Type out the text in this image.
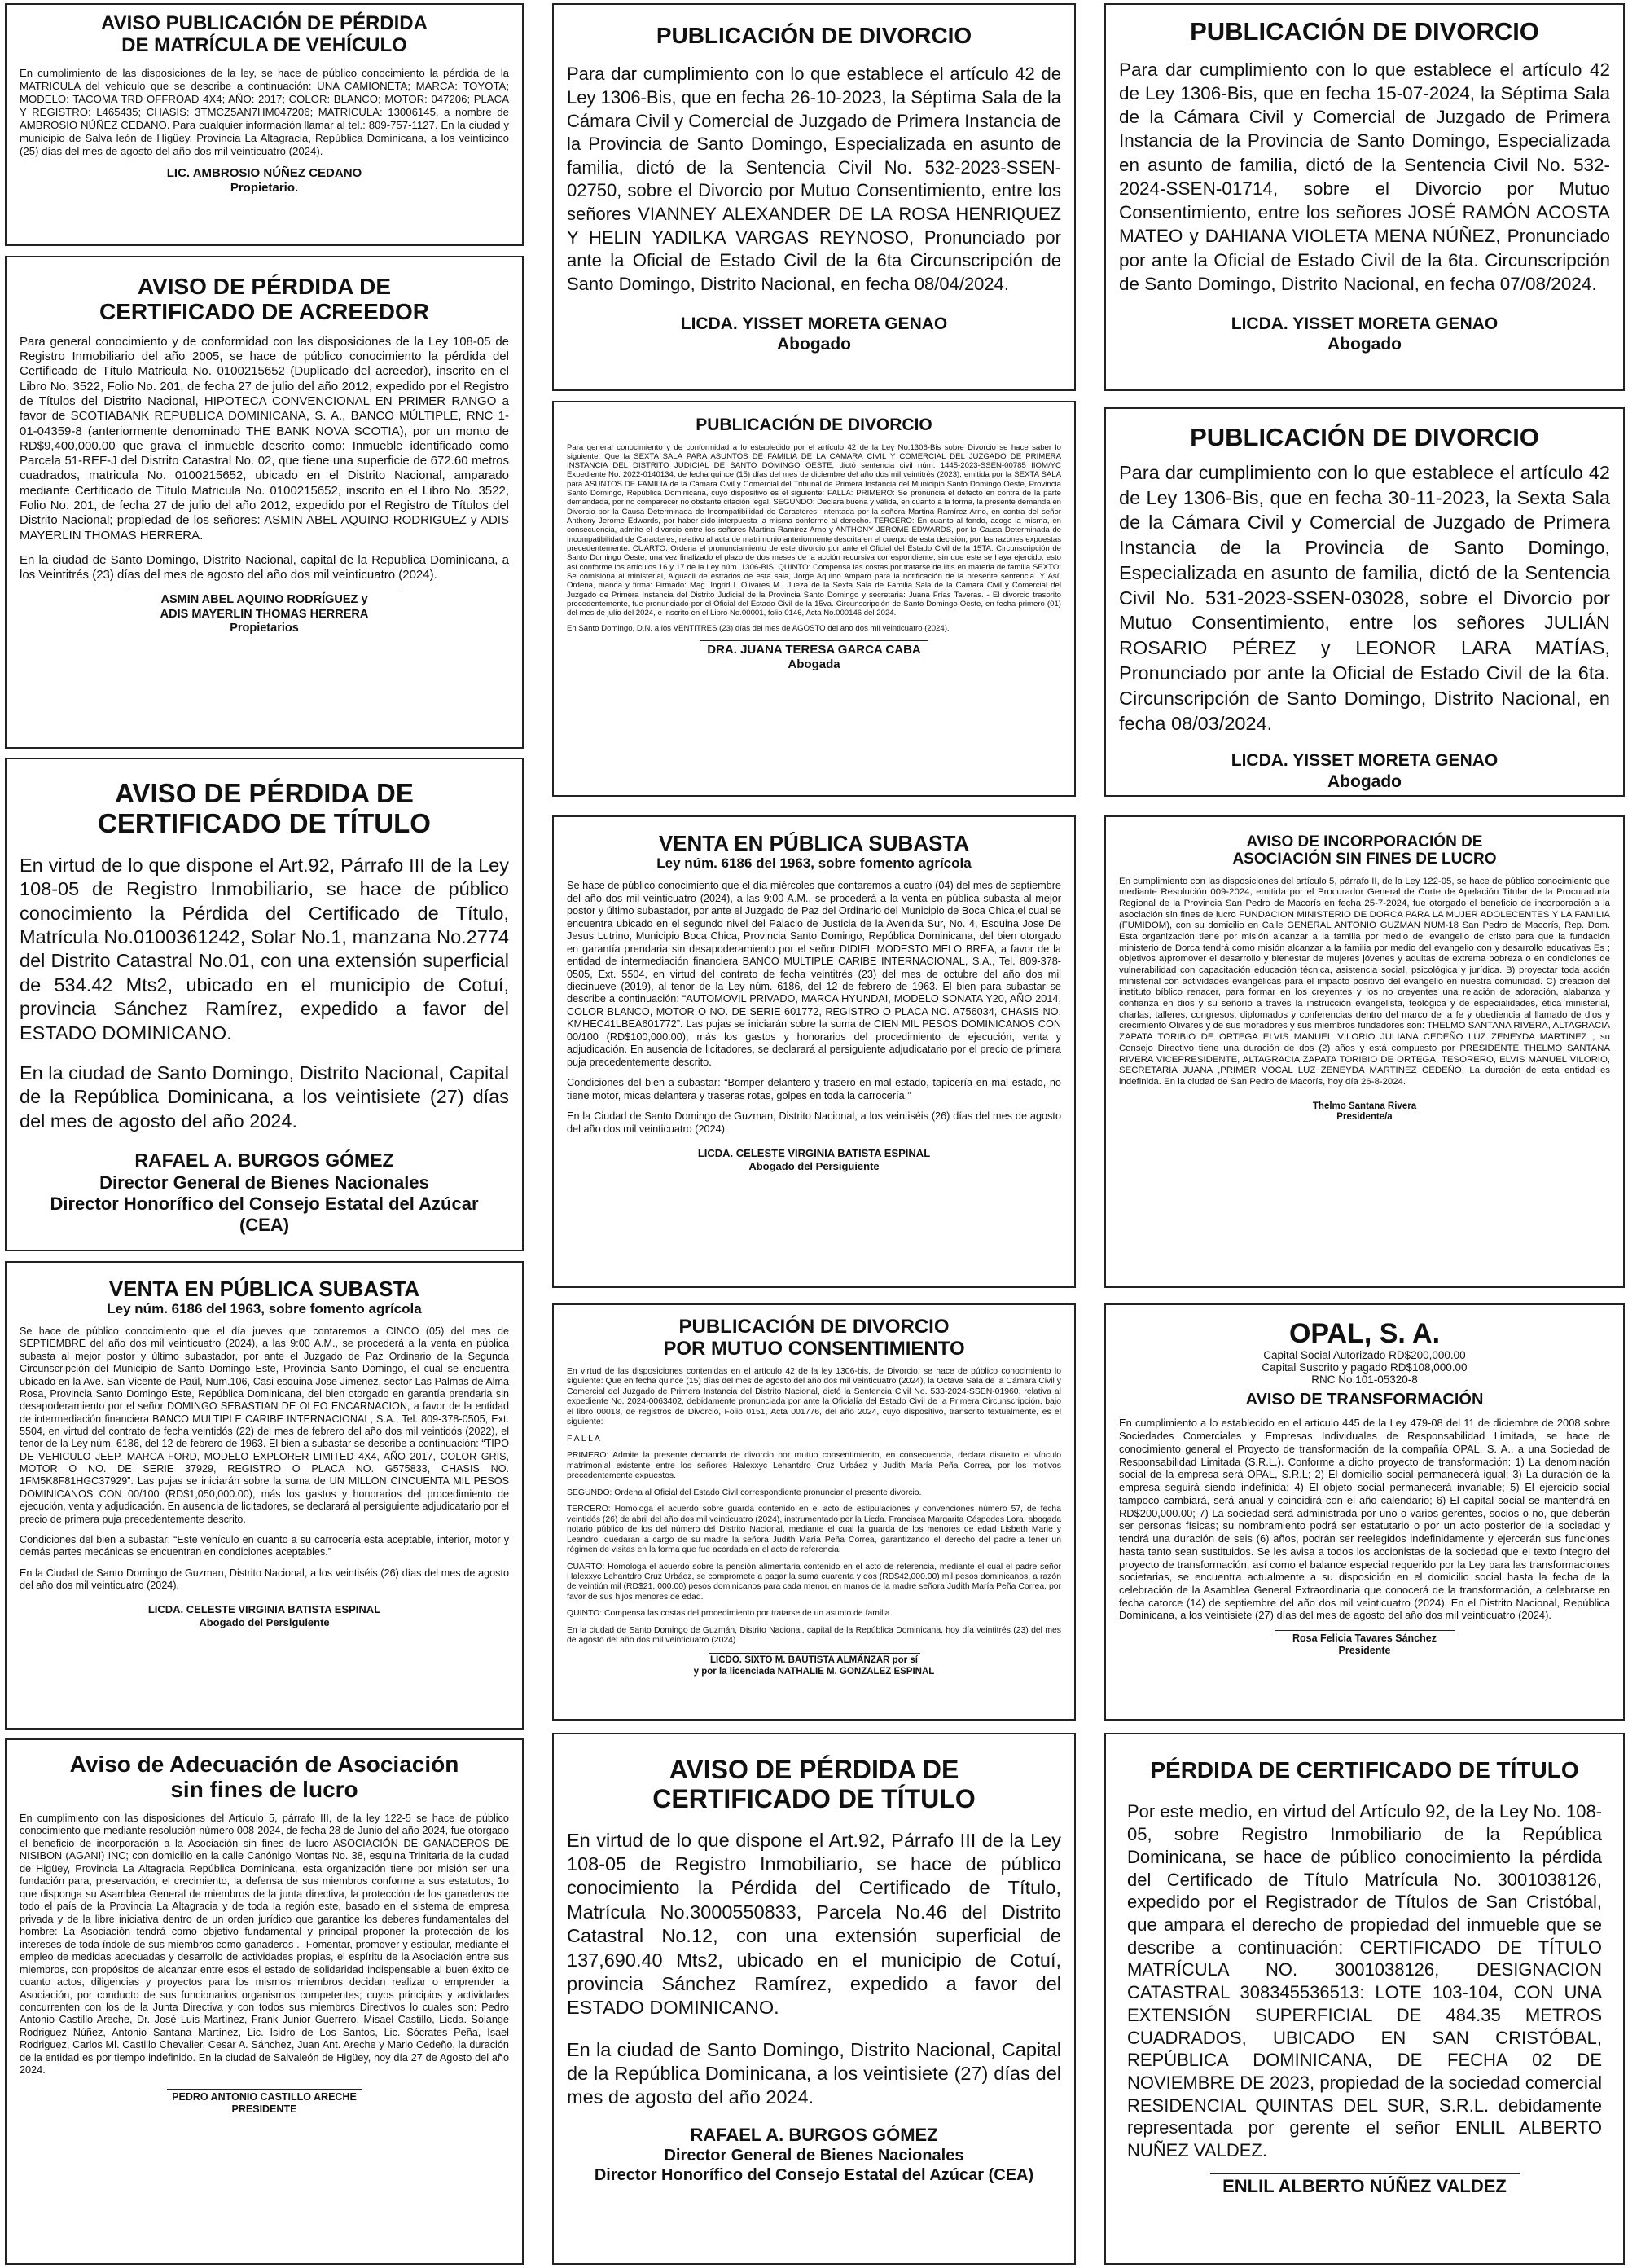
AVISO PUBLICACIÓN DE PÉRDIDA
DE MATRÍCULA DE VEHÍCULO

En cumplimiento de las disposiciones de la ley, se hace de público conocimiento la pérdida de la MATRICULA del vehículo que se describe a continuación: UNA CAMIONETA; MARCA: TOYOTA; MODELO: TACOMA TRD OFFROAD 4X4; AÑO: 2017; COLOR: BLANCO; MOTOR: 047206; PLACA Y REGISTRO: L465435; CHASIS: 3TMCZ5AN7HM047206; MATRICULA: 13006145, a nombre de AMBROSIO NÚÑEZ CEDANO. Para cualquier información llamar al tel.: 809-757-1127. En la ciudad y municipio de Salva león de Higüey, Provincia La Altagracia, República Dominicana, a los veinticinco (25) días del mes de agosto del año dos mil veinticuatro (2024).

LIC. AMBROSIO NÚÑEZ CEDANO
Propietario.
AVISO DE PÉRDIDA DE
CERTIFICADO DE ACREEDOR

Para general conocimiento y de conformidad con las disposiciones de la Ley 108-05 de Registro Inmobiliario del año 2005, se hace de público conocimiento la pérdida del Certificado de Título Matricula No. 0100215652 (Duplicado del acreedor), inscrito en el Libro No. 3522, Folio No. 201, de fecha 27 de julio del año 2012, expedido por el Registro de Títulos del Distrito Nacional, HIPOTECA CONVENCIONAL EN PRIMER RANGO a favor de SCOTIABANK REPUBLICA DOMINICANA, S. A., BANCO MÚLTIPLE, RNC 1-01-04359-8 (anteriormente denominado THE BANK NOVA SCOTIA), por un monto de RD$9,400,000.00 que grava el inmueble descrito como: Inmueble identificado como Parcela 51-REF-J del Distrito Catastral No. 02, que tiene una superficie de 672.60 metros cuadrados, matricula No. 0100215652, ubicado en el Distrito Nacional, amparado mediante Certificado de Título Matricula No. 0100215652, inscrito en el Libro No. 3522, Folio No. 201, de fecha 27 de julio del año 2012, expedido por el Registro de Títulos del Distrito Nacional; propiedad de los señores: ASMIN ABEL AQUINO RODRIGUEZ y ADIS MAYERLIN THOMAS HERRERA.

En la ciudad de Santo Domingo, Distrito Nacional, capital de la Republica Dominicana, a los Veintitrés (23) días del mes de agosto del año dos mil veinticuatro (2024).

ASMIN ABEL AQUINO RODRÍGUEZ y
ADIS MAYERLIN THOMAS HERRERA
Propietarios
AVISO DE PÉRDIDA DE
CERTIFICADO DE TÍTULO

En virtud de lo que dispone el Art.92, Párrafo III de la Ley 108-05 de Registro Inmobiliario, se hace de público conocimiento la Pérdida del Certificado de Título, Matrícula No.0100361242, Solar No.1, manzana No.2774 del Distrito Catastral No.01, con una extensión superficial de 534.42 Mts2, ubicado en el municipio de Cotuí, provincia Sánchez Ramírez, expedido a favor del ESTADO DOMINICANO.

En la ciudad de Santo Domingo, Distrito Nacional, Capital de la República Dominicana, a los veintisiete (27) días del mes de agosto del año 2024.

RAFAEL A. BURGOS GÓMEZ
Director General de Bienes Nacionales
Director Honorífico del Consejo Estatal del Azúcar
(CEA)
VENTA EN PÚBLICA SUBASTA
Ley núm. 6186 del 1963, sobre fomento agrícola

Se hace de público conocimiento que el día jueves que contaremos a CINCO (05) del mes de SEPTIEMBRE del año dos mil veinticuatro (2024), a las 9:00 A.M., se procederá a la venta en pública subasta al mejor postor y último subastador, por ante el Juzgado de Paz Ordinario de la Segunda Circunscripción del Municipio de Santo Domingo Este, Provincia Santo Domingo, el cual se encuentra ubicado en la Ave. San Vicente de Paúl, Num.106, Casi esquina Jose Jimenez, sector Las Palmas de Alma Rosa, Provincia Santo Domingo Este, República Dominicana, del bien otorgado en garantía prendaria sin desapoderamiento por el señor DOMINGO SEBASTIAN DE OLEO ENCARNACION, a favor de la entidad de intermediación financiera BANCO MULTIPLE CARIBE INTERNACIONAL, S.A., Tel. 809-378-0505, Ext. 5504, en virtud del contrato de fecha veintidós (22) del mes de febrero del año dos mil veintidós (2022), el tenor de la Ley núm. 6186, del 12 de febrero de 1963. El bien a subastar se describe a continuación: “TIPO DE VEHICULO JEEP, MARCA FORD, MODELO EXPLORER LIMITED 4X4, AÑO 2017, COLOR GRIS, MOTOR O NO. DE SERIE 37929, REGISTRO O PLACA NO. G575833, CHASIS NO. 1FM5K8F81HGC37929”. Las pujas se iniciarán sobre la suma de UN MILLON CINCUENTA MIL PESOS DOMINICANOS CON 00/100 (RD$1,050,000.00), más los gastos y honorarios del procedimiento de ejecución, venta y adjudicación. En ausencia de licitadores, se declarará al persiguiente adjudicatario por el precio de primera puja precedentemente descrito.

Condiciones del bien a subastar: “Este vehículo en cuanto a su carrocería esta aceptable, interior, motor y demás partes mecánicas se encuentran en condiciones aceptables.”

En la Ciudad de Santo Domingo de Guzman, Distrito Nacional, a los veintiséis (26) días del mes de agosto del año dos mil veinticuatro (2024).

LICDA. CELESTE VIRGINIA BATISTA ESPINAL
Abogado del Persiguiente
Aviso de Adecuación de Asociación
sin fines de lucro

En cumplimiento con las disposiciones del Artículo 5, párrafo III, de la ley 122-5 se hace de público conocimiento que mediante resolución número 008-2024, de fecha 28 de Junio del año 2024, fue otorgado el beneficio de incorporación a la Asociación sin fines de lucro ASOCIACIÓN DE GANADEROS DE NISIBON (AGANI) INC; con domicilio en la calle Canónigo Montas No. 38, esquina Trinitaria de la ciudad de Higüey, Provincia La Altagracia República Dominicana, esta organización tiene por misión ser una fundación para, preservación, el crecimiento, la defensa de sus miembros conforme a sus estatutos, 1o que disponga su Asamblea General de miembros de la junta directiva, la protección de los ganaderos de todo el país de la Provincia La Altagracia y de toda la región este, basado en el sistema de empresa privada y de la libre iniciativa dentro de un orden jurídico que garantice los deberes fundamentales del hombre: La Asociación tendrá como objetivo fundamental y principal proponer la protección de los intereses de toda índole de sus miembros como ganaderos .- Fomentar, promover y estipular, mediante el empleo de medidas adecuadas y desarrollo de actividades propias, el espíritu de la Asociación entre sus miembros, con propósitos de alcanzar entre esos el estado de solidaridad indispensable al buen éxito de cuanto actos, diligencias y proyectos para los mismos miembros decidan realizar o emprender la Asociación, por conducto de sus funcionarios organismos competentes; cuyos principios y actividades concurrenten con los de la Junta Directiva y con todos sus miembros Directivos lo cuales son: Pedro Antonio Castillo Areche, Dr. José Luis Martínez, Frank Junior Guerrero, Misael Castillo, Licda. Solange Rodriguez Núñez, Antonio Santana Martínez, Lic. Isidro de Los Santos, Lic. Sócrates Peña, Isael Rodriguez, Carlos Ml. Castillo Chevalier, Cesar A. Sánchez, Juan Ant. Areche y Mario Cedeño, la duración de la entidad es por tiempo indefinido. En la ciudad de Salvaleón de Higüey, hoy día 27 de Agosto del año 2024.

PEDRO ANTONIO CASTILLO ARECHE
PRESIDENTE
PUBLICACIÓN DE DIVORCIO

Para dar cumplimiento con lo que establece el artículo 42 de Ley 1306-Bis, que en fecha 26-10-2023, la Séptima Sala de la Cámara Civil y Comercial de Juzgado de Primera Instancia de la Provincia de Santo Domingo, Especializada en asunto de familia, dictó de la Sentencia Civil No. 532-2023-SSEN-02750, sobre el Divorcio por Mutuo Consentimiento, entre los señores VIANNEY ALEXANDER DE LA ROSA HENRIQUEZ Y HELIN YADILKA VARGAS REYNOSO, Pronunciado por ante la Oficial de Estado Civil de la 6ta Circunscripción de Santo Domingo, Distrito Nacional, en fecha 08/04/2024.

LICDA. YISSET MORETA GENAO
Abogado
PUBLICACIÓN DE DIVORCIO

Para general conocimiento y de conformidad a lo establecido por el artículo 42 de la Ley No.1306-Bis sobre Divorcio se hace saber lo siguiente: Que la SEXTA SALA PARA ASUNTOS DE FAMILIA DE LA CAMARA CIVIL Y COMERCIAL DEL JUZGADO DE PRIMERA INSTANCIA DEL DISTRITO JUDICIAL DE SANTO DOMINGO OESTE, dictó sentencia civil núm. 1445-2023-SSEN-00785 IIOM/YC Expediente No. 2022-0140134, de fecha quince (15) días del mes de diciembre del año dos mil veintitrés (2023), emitida por la SEXTA SALA para ASUNTOS DE FAMILIA de la Cámara Civil y Comercial del Tribunal de Primera Instancia del Municipio Santo Domingo Oeste, Provincia Santo Domingo, República Dominicana, cuyo dispositivo es el siguiente: FALLA: PRIMERO: Se pronuncia el defecto en contra de la parte demandada, por no comparecer no obstante citación legal. SEGUNDO: Declara buena y válida, en cuanto a la forma, la presente demanda en Divorcio por la Causa Determinada de Incompatibilidad de Caracteres, intentada por la señora Martina Ramírez Arno, en contra del señor Anthony Jerome Edwards, por haber sido interpuesta la misma conforme al derecho. TERCERO: En cuanto al fondo, acoge la misma, en consecuencia, admite el divorcio entre los señores Martina Ramírez Arno y ANTHONY JEROME EDWARDS, por la Causa Determinada de Incompatibilidad de Caracteres, relativo al acta de matrimonio anteriormente descrita en el cuerpo de esta decisión, por las razones expuestas precedentemente. CUARTO: Ordena el pronunciamiento de este divorcio por ante el Oficial del Estado Civil de la 15TA. Circunscripción de Santo Domingo Oeste, una vez finalizado el plazo de dos meses de la acción recursiva correspondiente, sin que este se haya ejercido, esto así conforme los artículos 16 y 17 de la Ley núm. 1306-BIS. QUINTO: Compensa las costas por tratarse de litis en materia de familia SEXTO: Se comisiona al ministerial, Alguacil de estrados de esta sala, Jorge Aquino Amparo para la notificación de la presente sentencia. Y Así, Ordena, manda y firma: Firmado: Mag. Ingrid I. Olivares M., Jueza de la Sexta Sala de Familia Sala de la Cámara Civil y Comercial del Juzgado de Primera Instancia del Distrito Judicial de la Provincia Santo Domingo y secretaria: Juana Frías Taveras. - El divorcio trasorito precedentemente, fue pronunciado por el Oficial del Estado Civil de la 15va. Circunscripción de Santo Domingo Oeste, en fecha primero (01) del mes de julio del 2024, e inscrito en el Libro No.00001, folio 0146, Acta No.000146 del 2024.

En Santo Domingo, D.N. a los VENTITRES (23) días del mes de AGOSTO del ano dos mil veinticuatro (2024).

DRA. JUANA TERESA GARCA CABA
Abogada
VENTA EN PÚBLICA SUBASTA
Ley núm. 6186 del 1963, sobre fomento agrícola

Se hace de público conocimiento que el día miércoles que contaremos a cuatro (04) del mes de septiembre del año dos mil veinticuatro (2024), a las 9:00 A.M., se procederá a la venta en pública subasta al mejor postor y último subastador, por ante el Juzgado de Paz del Ordinario del Municipio de Boca Chica,el cual se encuentra ubicado en el segundo nivel del Palacio de Justicia de la Avenida Sur, No. 4, Esquina Jose De Jesus Lutrino, Municipio Boca Chica, Provincia Santo Domingo, República Dominicana, del bien otorgado en garantía prendaria sin desapoderamiento por el señor DIDIEL MODESTO MELO BREA, a favor de la entidad de intermediación financiera BANCO MULTIPLE CARIBE INTERNACIONAL, S.A., Tel. 809-378-0505, Ext. 5504, en virtud del contrato de fecha veintitrés (23) del mes de octubre del año dos mil diecinueve (2019), al tenor de la Ley núm. 6186, del 12 de febrero de 1963. El bien para subastar se describe a continuación: “AUTOMOVIL PRIVADO, MARCA HYUNDAI, MODELO SONATA Y20, AÑO 2014, COLOR BLANCO, MOTOR O NO. DE SERIE 601772, REGISTRO O PLACA NO. A756034, CHASIS NO. KMHEC41LBEA601772”. Las pujas se iniciarán sobre la suma de CIEN MIL PESOS DOMINICANOS CON 00/100 (RD$100,000.00), más los gastos y honorarios del procedimiento de ejecución, venta y adjudicación. En ausencia de licitadores, se declarará al persiguiente adjudicatario por el precio de primera puja precedentemente descrito.

Condiciones del bien a subastar: “Bomper delantero y trasero en mal estado, tapicería en mal estado, no tiene motor, micas delantera y traseras rotas, golpes en toda la carrocería.”

En la Ciudad de Santo Domingo de Guzman, Distrito Nacional, a los veintiséis (26) días del mes de agosto del año dos mil veinticuatro (2024).

LICDA. CELESTE VIRGINIA BATISTA ESPINAL
Abogado del Persiguiente
PUBLICACIÓN DE DIVORCIO
POR MUTUO CONSENTIMIENTO

En virtud de las disposiciones contenidas en el artículo 42 de la ley 1306-bis, de Divorcio, se hace de público conocimiento lo siguiente: Que en fecha quince (15) días del mes de agosto del año dos mil veinticuatro (2024), la Octava Sala de la Cámara Civil y Comercial del Juzgado de Primera Instancia del Distrito Nacional, dictó la Sentencia Civil No. 533-2024-SSEN-01960, relativa al expediente No. 2024-0063402, debidamente pronunciada por ante la Oficialía del Estado Civil de la Primera Circunscripción, bajo el libro 00018, de registros de Divorcio, Folio 0151, Acta 001776, del año 2024, cuyo dispositivo, transcrito textualmente, es el siguiente:

F A L L A

PRIMERO: Admite la presente demanda de divorcio por mutuo consentimiento, en consecuencia, declara disuelto el vínculo matrimonial existente entre los señores Halexxyc Lehantdro Cruz Urbáez y Judith María Peña Correa, por los motivos precedentemente expuestos.

SEGUNDO: Ordena al Oficial del Estado Civil correspondiente pronunciar el presente divorcio.

TERCERO: Homologa el acuerdo sobre guarda contenido en el acto de estipulaciones y convenciones número 57, de fecha veintidós (26) de abril del año dos mil veinticuatro (2024), instrumentado por la Licda. Francisca Margarita Céspedes Lora, abogada notario público de los del número del Distrito Nacional, mediante el cual la guarda de los menores de edad Lisbeth Marie y Leandro, quedaran a cargo de su madre la señora Judith María Peña Correa, garantizando el derecho del padre a tener un régimen de visitas en la forma que fue acordada en el acto de referencia.

CUARTO: Homologa el acuerdo sobre la pensión alimentaria contenido en el acto de referencia, mediante el cual el padre señor Halexxyc Lehantdro Cruz Urbáez, se compromete a pagar la suma cuarenta y dos (RD$42,000.00) mil pesos dominicanos, a razón de veintiún mil (RD$21, 000.00) pesos dominicanos para cada menor, en manos de la madre señora Judith María Peña Correa, por favor de sus hijos menores de edad.

QUINTO: Compensa las costas del procedimiento por tratarse de un asunto de familia.

En la ciudad de Santo Domingo de Guzmán, Distrito Nacional, capital de la República Dominicana, hoy día veintitrés (23) del mes de agosto del año dos mil veinticuatro (2024).

LICDO. SIXTO M. BAUTISTA ALMÁNZAR por sí
y por la licenciada NATHALIE M. GONZALEZ ESPINAL
AVISO DE PÉRDIDA DE
CERTIFICADO DE TÍTULO

En virtud de lo que dispone el Art.92, Párrafo III de la Ley 108-05 de Registro Inmobiliario, se hace de público conocimiento la Pérdida del Certificado de Título, Matrícula No.3000550833, Parcela No.46 del Distrito Catastral No.12, con una extensión superficial de 137,690.40 Mts2, ubicado en el municipio de Cotuí, provincia Sánchez Ramírez, expedido a favor del ESTADO DOMINICANO.

En la ciudad de Santo Domingo, Distrito Nacional, Capital de la República Dominicana, a los veintisiete (27) días del mes de agosto del año 2024.

RAFAEL A. BURGOS GÓMEZ
Director General de Bienes Nacionales
Director Honorífico del Consejo Estatal del Azúcar (CEA)
PUBLICACIÓN DE DIVORCIO

Para dar cumplimiento con lo que establece el artículo 42 de Ley 1306-Bis, que en fecha 15-07-2024, la Séptima Sala de la Cámara Civil y Comercial de Juzgado de Primera Instancia de la Provincia de Santo Domingo, Especializada en asunto de familia, dictó de la Sentencia Civil No. 532-2024-SSEN-01714, sobre el Divorcio por Mutuo Consentimiento, entre los señores JOSÉ RAMÓN ACOSTA MATEO y DAHIANA VIOLETA MENA NÚÑEZ, Pronunciado por ante la Oficial de Estado Civil de la 6ta. Circunscripción de Santo Domingo, Distrito Nacional, en fecha 07/08/2024.

LICDA. YISSET MORETA GENAO
Abogado
PUBLICACIÓN DE DIVORCIO

Para dar cumplimiento con lo que establece el artículo 42 de Ley 1306-Bis, que en fecha 30-11-2023, la Sexta Sala de la Cámara Civil y Comercial de Juzgado de Primera Instancia de la Provincia de Santo Domingo, Especializada en asunto de familia, dictó de la Sentencia Civil No. 531-2023-SSEN-03028, sobre el Divorcio por Mutuo Consentimiento, entre los señores JULIÁN ROSARIO PÉREZ y LEONOR LARA MATÍAS, Pronunciado por ante la Oficial de Estado Civil de la 6ta. Circunscripción de Santo Domingo, Distrito Nacional, en fecha 08/03/2024.

LICDA. YISSET MORETA GENAO
Abogado
AVISO DE INCORPORACIÓN DE
ASOCIACIÓN SIN FINES DE LUCRO

En cumplimiento con las disposiciones del artículo 5, párrafo II, de la Ley 122-05, se hace de público conocimiento que mediante Resolución 009-2024, emitida por el Procurador General de Corte de Apelación Titular de la Procuraduría Regional de la Provincia San Pedro de Macorís en fecha 25-7-2024, fue otorgado el beneficio de incorporación a la asociación sin fines de lucro FUNDACION MINISTERIO DE DORCA PARA LA MUJER ADOLECENTES Y LA FAMILIA (FUMIDOM), con su domicilio en Calle GENERAL ANTONIO GUZMAN NUM-18 San Pedro de Macorís, Rep. Dom. Esta organización tiene por misión alcanzar a la familia por medio del evangelio de cristo para que la fundación ministerio de Dorca tendrá como misión alcanzar a la familia por medio del evangelio con y desarrollo educativas Es ; objetivos a)promover el desarrollo y bienestar de mujeres jóvenes y adultas de extrema pobreza o en condiciones de vulnerabilidad con capacitación educación técnica, asistencia social, psicológica y jurídica. B) proyectar toda acción ministerial con actividades evangélicas para el impacto positivo del evangelio en nuestra comunidad. C) creación del instituto bíblico renacer, para formar en los creyentes y los no creyentes una relación de adoración, alabanza y confianza en dios y su señorío a través la instrucción evangelista, teológica y de especialidades, ética ministerial, charlas, talleres, congresos, diplomados y conferencias dentro del marco de la fe y obediencia al llamado de dios y crecimiento Olivares y de sus moradores y sus miembros fundadores son: THELMO SANTANA RIVERA, ALTAGRACIA ZAPATA TORIBIO DE ORTEGA ELVIS MANUEL VILORIO JULIANA CEDEÑO LUZ ZENEYDA MARTINEZ ; su Consejo Directivo tiene una duración de dos (2) años y está compuesto por PRESIDENTE THELMO SANTANA RIVERA VICEPRESIDENTE, ALTAGRACIA ZAPATA TORIBIO DE ORTEGA, TESORERO, ELVIS MANUEL VILORIO, SECRETARIA JUANA ,PRIMER VOCAL LUZ ZENEYDA MARTINEZ CEDEÑO. La duración de esta entidad es indefinida. En la ciudad de San Pedro de Macorís, hoy día 26-8-2024.

Thelmo Santana Rivera
Presidente/a
OPAL, S. A.
Capital Social Autorizado RD$200,000.00
Capital Suscrito y pagado RD$108,000.00
RNC No.101-05320-8
AVISO DE TRANSFORMACIÓN

En cumplimiento a lo establecido en el artículo 445 de la Ley 479-08 del 11 de diciembre de 2008 sobre Sociedades Comerciales y Empresas Individuales de Responsabilidad Limitada, se hace de conocimiento general el Proyecto de transformación de la compañía OPAL, S. A.. a una Sociedad de Responsabilidad Limitada (S.R.L.). Conforme a dicho proyecto de transformación: 1) La denominación social de la empresa será OPAL, S.R.L; 2) El domicilio social permanecerá igual; 3) La duración de la empresa seguirá siendo indefinida; 4) El objeto social permanecerá invariable; 5) El ejercicio social tampoco cambiará, será anual y coincidirá con el año calendario; 6) El capital social se mantendrá en RD$200,000.00; 7) La sociedad será administrada por uno o varios gerentes, socios o no, que deberán ser personas físicas; su nombramiento podrá ser estatutario o por un acto posterior de la sociedad y tendrá una duración de seis (6) años, podrán ser reelegidos indefinidamente y ejercerán sus funciones hasta tanto sean sustituidos. Se les avisa a todos los accionistas de la sociedad que el texto íntegro del proyecto de transformación, así como el balance especial requerido por la Ley para las transformaciones societarias, se encuentra actualmente a su disposición en el domicilio social hasta la fecha de la celebración de la Asamblea General Extraordinaria que conocerá de la transformación, a celebrarse en fecha catorce (14) de septiembre del año dos mil veinticuatro (2024). En el Distrito Nacional, República Dominicana, a los veintisiete (27) días del mes de agosto del año dos mil veinticuatro (2024).

Rosa Felicia Tavares Sánchez
Presidente
PÉRDIDA DE CERTIFICADO DE TÍTULO

Por este medio, en virtud del Artículo 92, de la Ley No. 108-05, sobre Registro Inmobiliario de la República Dominicana, se hace de público conocimiento la pérdida del Certificado de Título Matrícula No. 3001038126, expedido por el Registrador de Títulos de San Cristóbal, que ampara el derecho de propiedad del inmueble que se describe a continuación: CERTIFICADO DE TÍTULO MATRÍCULA NO. 3001038126, DESIGNACION CATASTRAL 308345536513: LOTE 103-104, CON UNA EXTENSIÓN SUPERFICIAL DE 484.35 METROS CUADRADOS, UBICADO EN SAN CRISTÓBAL, REPÚBLICA DOMINICANA, DE FECHA 02 DE NOVIEMBRE DE 2023, propiedad de la sociedad comercial RESIDENCIAL QUINTAS DEL SUR, S.R.L. debidamente representada por gerente el señor ENLIL ALBERTO NUÑEZ VALDEZ.

ENLIL ALBERTO NÚÑEZ VALDEZ
